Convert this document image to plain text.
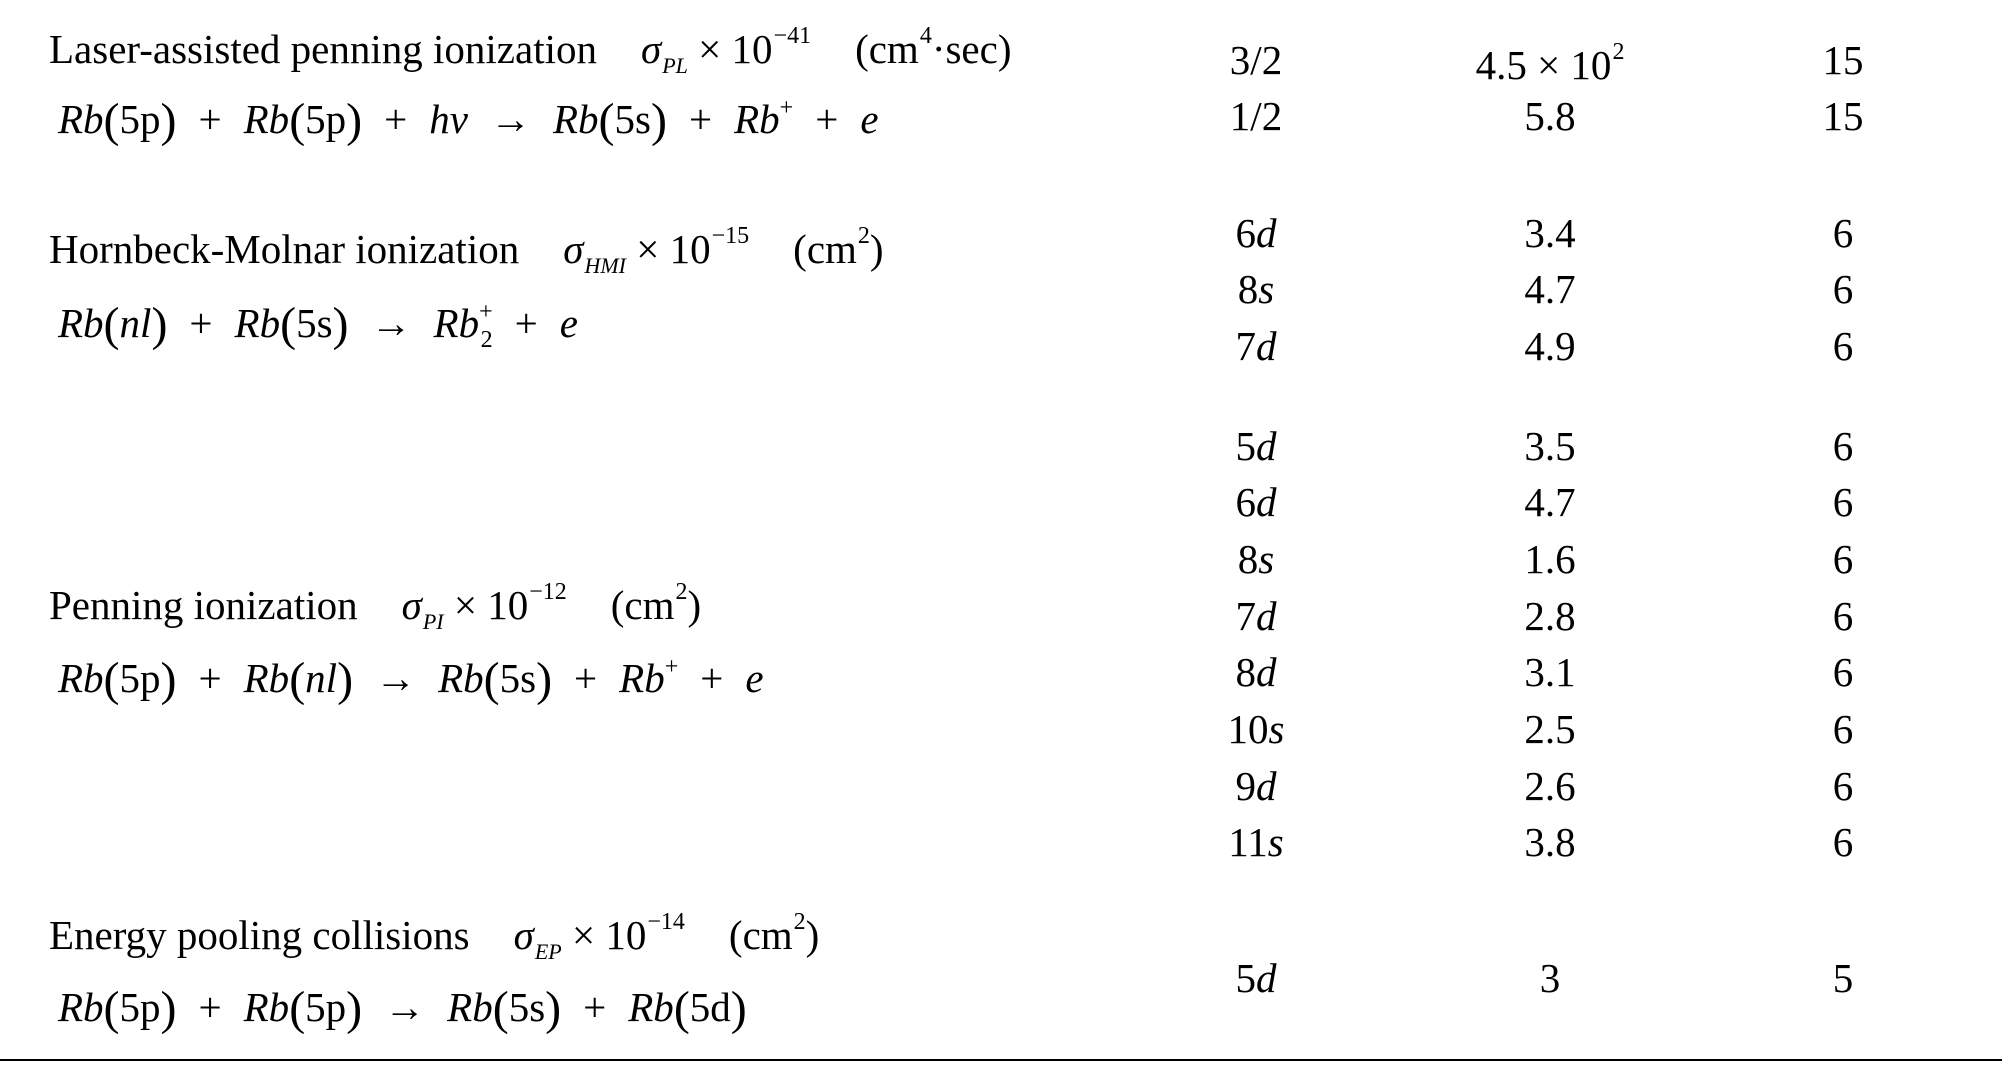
Laser-assisted penning ionization $\sigma_{PL} \times 10^{-41}$ $(cm^4\cdot\sec)$
Rb(5p) + Rb(5p) + hν → Rb(5s) + Rb+ + e
3/2	$4.5 \times 10^2$	15
1/2	5.8	15
Hornbeck-Molnar ionization $\sigma_{HMI} \times 10^{-15}$ $(cm^2)$
$Rb(nl) + Rb(5s) \to Rb^+_2 + e$
6d	3.4	6
8s	4.7	6
7d	4.9	6
Penning ionization $\sigma_{PI} \times 10^{-12}$ $(cm^2)$
Rb(5p) + Rb(nl) → Rb(5s) + Rb+ + e
5d	3.5	6
6d	4.7	6
8s	1.6	6
7d	2.8	6
8d	3.1	6
10s	2.5	6
9d	2.6	6
11s	3.8	6
Energy pooling collisions $\sigma_{EP} \times 10^{-14}$ $(cm^2)$
Rb(5p) + Rb(5p) → Rb(5s) + Rb(5d)
5d	3	5
